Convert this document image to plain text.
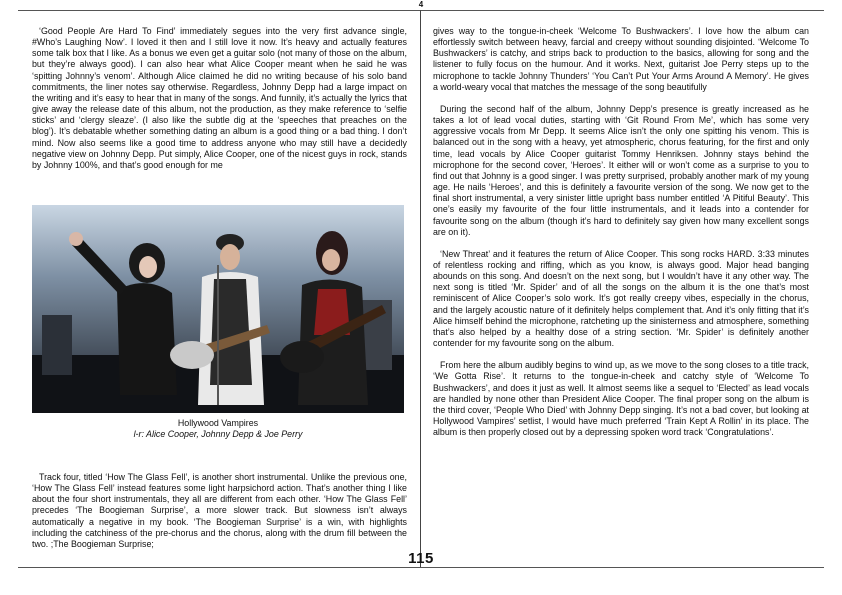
4

‘Good People Are Hard To Find’ immediately segues into the very first advance single, #Who’s Laughing Now’. I loved it then and I still love it now. It’s heavy and actually features some talk box that I like. As a bonus we even get a guitar solo (not many of those on the album, but they’re always good). I can also hear what Alice Cooper meant when he said he was ‘spitting Johnny’s venom’. Although Alice claimed he did no writing because of his solo band commitments, the liner notes say otherwise. Regardless, Johnny Depp had a large impact on the writing and it’s easy to hear that in many of the songs. And funnily, it’s actually the lyrics that give away the release date of this album, not the production, as they make reference to ‘selfie sticks’ and ‘clergy sleaze’. (I also like the subtle dig at the ‘speeches that preaches on the blog’). It’s debatable whether something dating an album is a good thing or a bad thing. I don’t mind. Now also seems like a good time to address anyone who may still have a decidedly negative view on Johnny Depp. Put simply, Alice Cooper, one of the nicest guys in rock, stands by Johnny 100%, and that’s good enough for me

Track four, titled ‘How The Glass Fell’, is another short instrumental. Unlike the previous one, ‘How The Glass Fell’ instead features some light harpsichord action. That’s another thing I like about the four short instrumentals, they all are different from each other. ‘How The Glass Fell’ precedes ‘The Boogieman Surprise’, a more slower track. But slowness isn’t always automatically a negative in my book. ‘The Boogieman Surprise’ is a win, with highlights including the catchiness of the pre-chorus and the chorus, along with the drum fill between the two. ;The Boogieman Surprise;

Hollywood Vampires
l-r: Alice Cooper, Johnny Depp & Joe Perry

gives way to the tongue-in-cheek ‘Welcome To Bushwackers’. I love how the album can effortlessly switch between heavy, farcial and creepy without sounding disjointed. ‘Welcome To Bushwackers’ is catchy, and strips back to production to the basics, allowing for song and the listener to fully focus on the humour. And it works. Next, guitarist Joe Perry steps up to the microphone to tackle Johnny Thunders’ ‘You Can’t Put Your Arms Around A Memory’. He gives a world-weary vocal that matches the message of the song beautifully

During the second half of the album, Johnny Depp’s presence is greatly increased as he takes a lot of lead vocal duties, starting with ‘Git Round From Me’, which has some very aggressive vocals from Mr Depp. It seems Alice isn’t the only one spitting his venom. This is balanced out in the song with a heavy, yet atmospheric, chorus featuring, for the first and only time, lead vocals by Alice Cooper guitarist Tommy Henriksen. Johnny stays behind the microphone for the second cover, ‘Heroes’. It either will or won’t come as a surprise to you to find out that Johnny is a good singer. I was pretty surprised, probably another mark of my young age. He nails ‘Heroes’, and this is definitely a favourite version of the song. We now get to the final short instrumental, a very sinister little upright bass number entitled ‘A Pitiful Beauty’. This one’s easily my favourite of the four little instrumentals, and it leads into a contender for favourite song on the album (though it’s hard to definitely say given how many excellent songs are on it).

‘New Threat’ and it features the return of Alice Cooper. This song rocks HARD. 3:33 minutes of relentless rocking and riffing, which as you know, is always good. Major head banging abounds on this song. And doesn’t on the next song, but I wouldn’t have it any other way. The next song is titled ‘Mr. Spider’ and of all the songs on the album it is the one that’s most reminiscent of Alice Cooper’s solo work. It’s got really creepy vibes, especially in the chorus, and the largely acoustic nature of it definitely helps complement that. And it’s only fitting that it’s Alice himself behind the microphone, ratcheting up the sinisterness and atmosphere, something that’s also helped by a healthy dose of a string section. ‘Mr. Spider’ is definitely another contender for my favourite song on the album.

From here the album audibly begins to wind up, as we move to the song closes to a title track, ‘We Gotta Rise’. It returns to the tongue-in-cheek and catchy style of ‘Welcome To Bushwackers’, and does it just as well. It almost seems like a sequel to ‘Elected’ as lead vocals are handled by none other than President Alice Cooper. The final proper song on the album is the third cover, ‘People Who Died’ with Johnny Depp singing. It’s not a bad cover, but looking at Hollywood Vampires’ setlist, I would have much preferred ‘Train Kept A Rollin’ in its place. The album is then properly closed out by a depressing spoken word track ‘Congratulations’.

115
